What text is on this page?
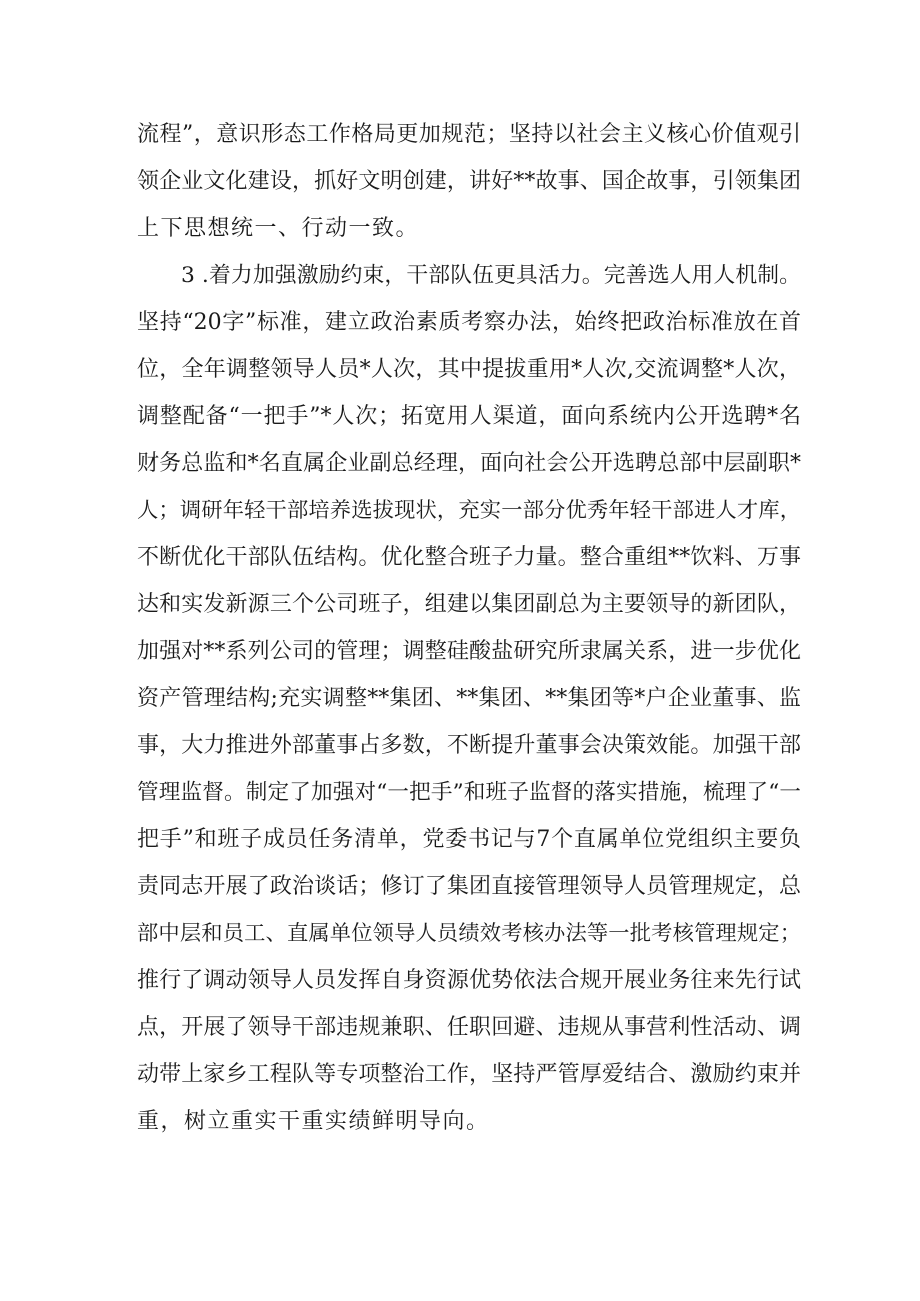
流程”，意识形态工作格局更加规范；坚持以社会主义核心价值观引
领企业文化建设，抓好文明创建，讲好**故事、国企故事，引领集团
上下思想统一、行动一致。
3 .着力加强激励约束，干部队伍更具活力。完善选人用人机制。
坚持“20字”标准，建立政治素质考察办法，始终把政治标准放在首
位，全年调整领导人员*人次，其中提拔重用*人次,交流调整*人次，
调整配备“一把手”*人次；拓宽用人渠道，面向系统内公开选聘*名
财务总监和*名直属企业副总经理，面向社会公开选聘总部中层副职*
人；调研年轻干部培养选拔现状，充实一部分优秀年轻干部进人才库，
不断优化干部队伍结构。优化整合班子力量。整合重组**饮料、万事
达和实发新源三个公司班子，组建以集团副总为主要领导的新团队，
加强对**系列公司的管理；调整硅酸盐研究所隶属关系，进一步优化
资产管理结构;充实调整**集团、**集团、**集团等*户企业董事、监
事，大力推进外部董事占多数，不断提升董事会决策效能。加强干部
管理监督。制定了加强对“一把手”和班子监督的落实措施，梳理了“一
把手”和班子成员任务清单，党委书记与7个直属单位党组织主要负
责同志开展了政治谈话；修订了集团直接管理领导人员管理规定，总
部中层和员工、直属单位领导人员绩效考核办法等一批考核管理规定；
推行了调动领导人员发挥自身资源优势依法合规开展业务往来先行试
点，开展了领导干部违规兼职、任职回避、违规从事营利性活动、调
动带上家乡工程队等专项整治工作，坚持严管厚爱结合、激励约束并
重，树立重实干重实绩鲜明导向。
